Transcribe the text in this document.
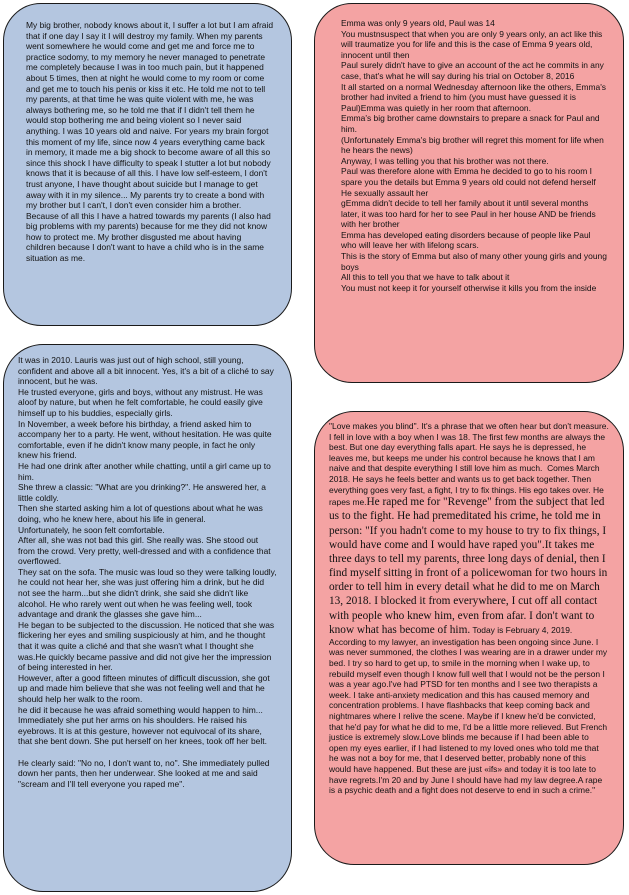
My big brother, nobody knows about it, I suffer a lot but I am afraid that if one day I say it I will destroy my family. When my parents went somewhere he would come and get me and force me to practice sodomy, to my memory he never managed to penetrate me completely because I was in too much pain, but it happened about 5 times, then at night he would come to my room or come and get me to touch his penis or kiss it etc. He told me not to tell my parents, at that time he was quite violent with me, he was always bothering me, so he told me that if I didn't tell them he would stop bothering me and being violent so I never said anything. I was 10 years old and naive. For years my brain forgot this moment of my life, since now 4 years everything came back in memory, it made me a big shock to become aware of all this so since this shock I have difficulty to speak I stutter a lot but nobody knows that it is because of all this. I have low self-esteem, I don't trust anyone, I have thought about suicide but I manage to get away with it in my silence... My parents try to create a bond with my brother but I can't, I don't even consider him a brother. Because of all this I have a hatred towards my parents (I also had big problems with my parents) because for me they did not know how to protect me. My brother disgusted me about having children because I don't want to have a child who is in the same situation as me.

Emma was only 9 years old, Paul was 14

You mustnsuspect that when you are only 9 years only, an act like this will traumatize you for life and this is the case of Emma 9 years old, innocent until then

Paul surely didn't have to give an account of the act he commits in any case, that's what he will say during his trial on October 8, 2016

It all started on a normal Wednesday afternoon like the others, Emma's brother had invited a friend to him (you must have guessed it is Paul)Emma was quietly in her room that afternoon.

Emma's big brother came downstairs to prepare a snack for Paul and him.

(Unfortunately Emma's big brother will regret this moment for life when he hears the news)

Anyway, I was telling you that his brother was not there.

Paul was therefore alone with Emma he decided to go to his room I spare you the details but Emma 9 years old could not defend herself

He sexually assault her

gEmma didn't decide to tell her family about it until several months later, it was too hard for her to see Paul in her house AND be friends with her brother

Emma has developed eating disorders because of people like Paul who will leave her with lifelong scars.

This is the story of Emma but also of many other young girls and young boys

All this to tell you that we have to talk about it

You must not keep it for yourself otherwise it kills you from the inside

It was in 2010. Lauris was just out of high school, still young, confident and above all a bit innocent. Yes, it's a bit of a cliché to say innocent, but he was.

He trusted everyone, girls and boys, without any mistrust. He was aloof by nature, but when he felt comfortable, he could easily give himself up to his buddies, especially girls.

In November, a week before his birthday, a friend asked him to accompany her to a party. He went, without hesitation. He was quite comfortable, even if he didn't know many people, in fact he only knew his friend.

He had one drink after another while chatting, until a girl came up to him.

She threw a classic: "What are you drinking?". He answered her, a little coldly.

Then she started asking him a lot of questions about what he was doing, who he knew here, about his life in general.

Unfortunately, he soon felt comfortable.

After all, she was not bad this girl. She really was. She stood out from the crowd. Very pretty, well-dressed and with a confidence that overflowed.

They sat on the sofa. The music was loud so they were talking loudly, he could not hear her, she was just offering him a drink, but he did not see the harm...but she didn't drink, she said she didn't like alcohol. He who rarely went out when he was feeling well, took advantage and drank the glasses she gave him...

He began to be subjected to the discussion. He noticed that she was flickering her eyes and smiling suspiciously at him, and he thought that it was quite a cliché and that she wasn't what I thought she was.He quickly became passive and did not give her the impression of being interested in her.

However, after a good fifteen minutes of difficult discussion, she got up and made him believe that she was not feeling well and that he should help her walk to the room.

he did it because he was afraid something would happen to him...

Immediately she put her arms on his shoulders. He raised his eyebrows. It is at this gesture, however not equivocal of its share, that she bent down. She put herself on her knees, took off her belt.

He clearly said: "No no, I don't want to, no". She immediately pulled down her pants, then her underwear. She looked at me and said "scream and I'll tell everyone you raped me".

"Love makes you blind". It's a phrase that we often hear but don't measure. I fell in love with a boy when I was 18. The first few months are always the best. But one day everything falls apart. He says he is depressed, he leaves me, but keeps me under his control because he knows that I am naive and that despite everything I still love him as much.  Comes March 2018. He says he feels better and wants us to get back together. Then everything goes very fast, a fight, I try to fix things. His ego takes over. He rapes me.He raped me for "Revenge" from the subject that led us to the fight. He had premeditated his crime, he told me in person: "If you hadn't come to my house to try to fix things, I would have come and I would have raped you".It takes me three days to tell my parents, three long days of denial, then I find myself sitting in front of a policewoman for two hours in order to tell him in every detail what he did to me on March 13, 2018. I blocked it from everywhere, I cut off all contact with people who knew him, even from afar. I don't want to know what has become of him. Today is February 4, 2019. According to my lawyer, an investigation has been ongoing since June. I was never summoned, the clothes I was wearing are in a drawer under my bed. I try so hard to get up, to smile in the morning when I wake up, to rebuild myself even though I know full well that I would not be the person I was a year ago.I've had PTSD for ten months and I see two therapists a week. I take anti-anxiety medication and this has caused memory and concentration problems. I have flashbacks that keep coming back and nightmares where I relive the scene. Maybe if I knew he'd be convicted, that he'd pay for what he did to me, I'd be a little more relieved. But French justice is extremely slow.Love blinds me because if I had been able to open my eyes earlier, if I had listened to my loved ones who told me that he was not a boy for me, that I deserved better, probably none of this would have happened. But these are just «ifs» and today it is too late to have regrets.I'm 20 and by June I should have had my law degree.A rape is a psychic death and a fight does not deserve to end in such a crime."
